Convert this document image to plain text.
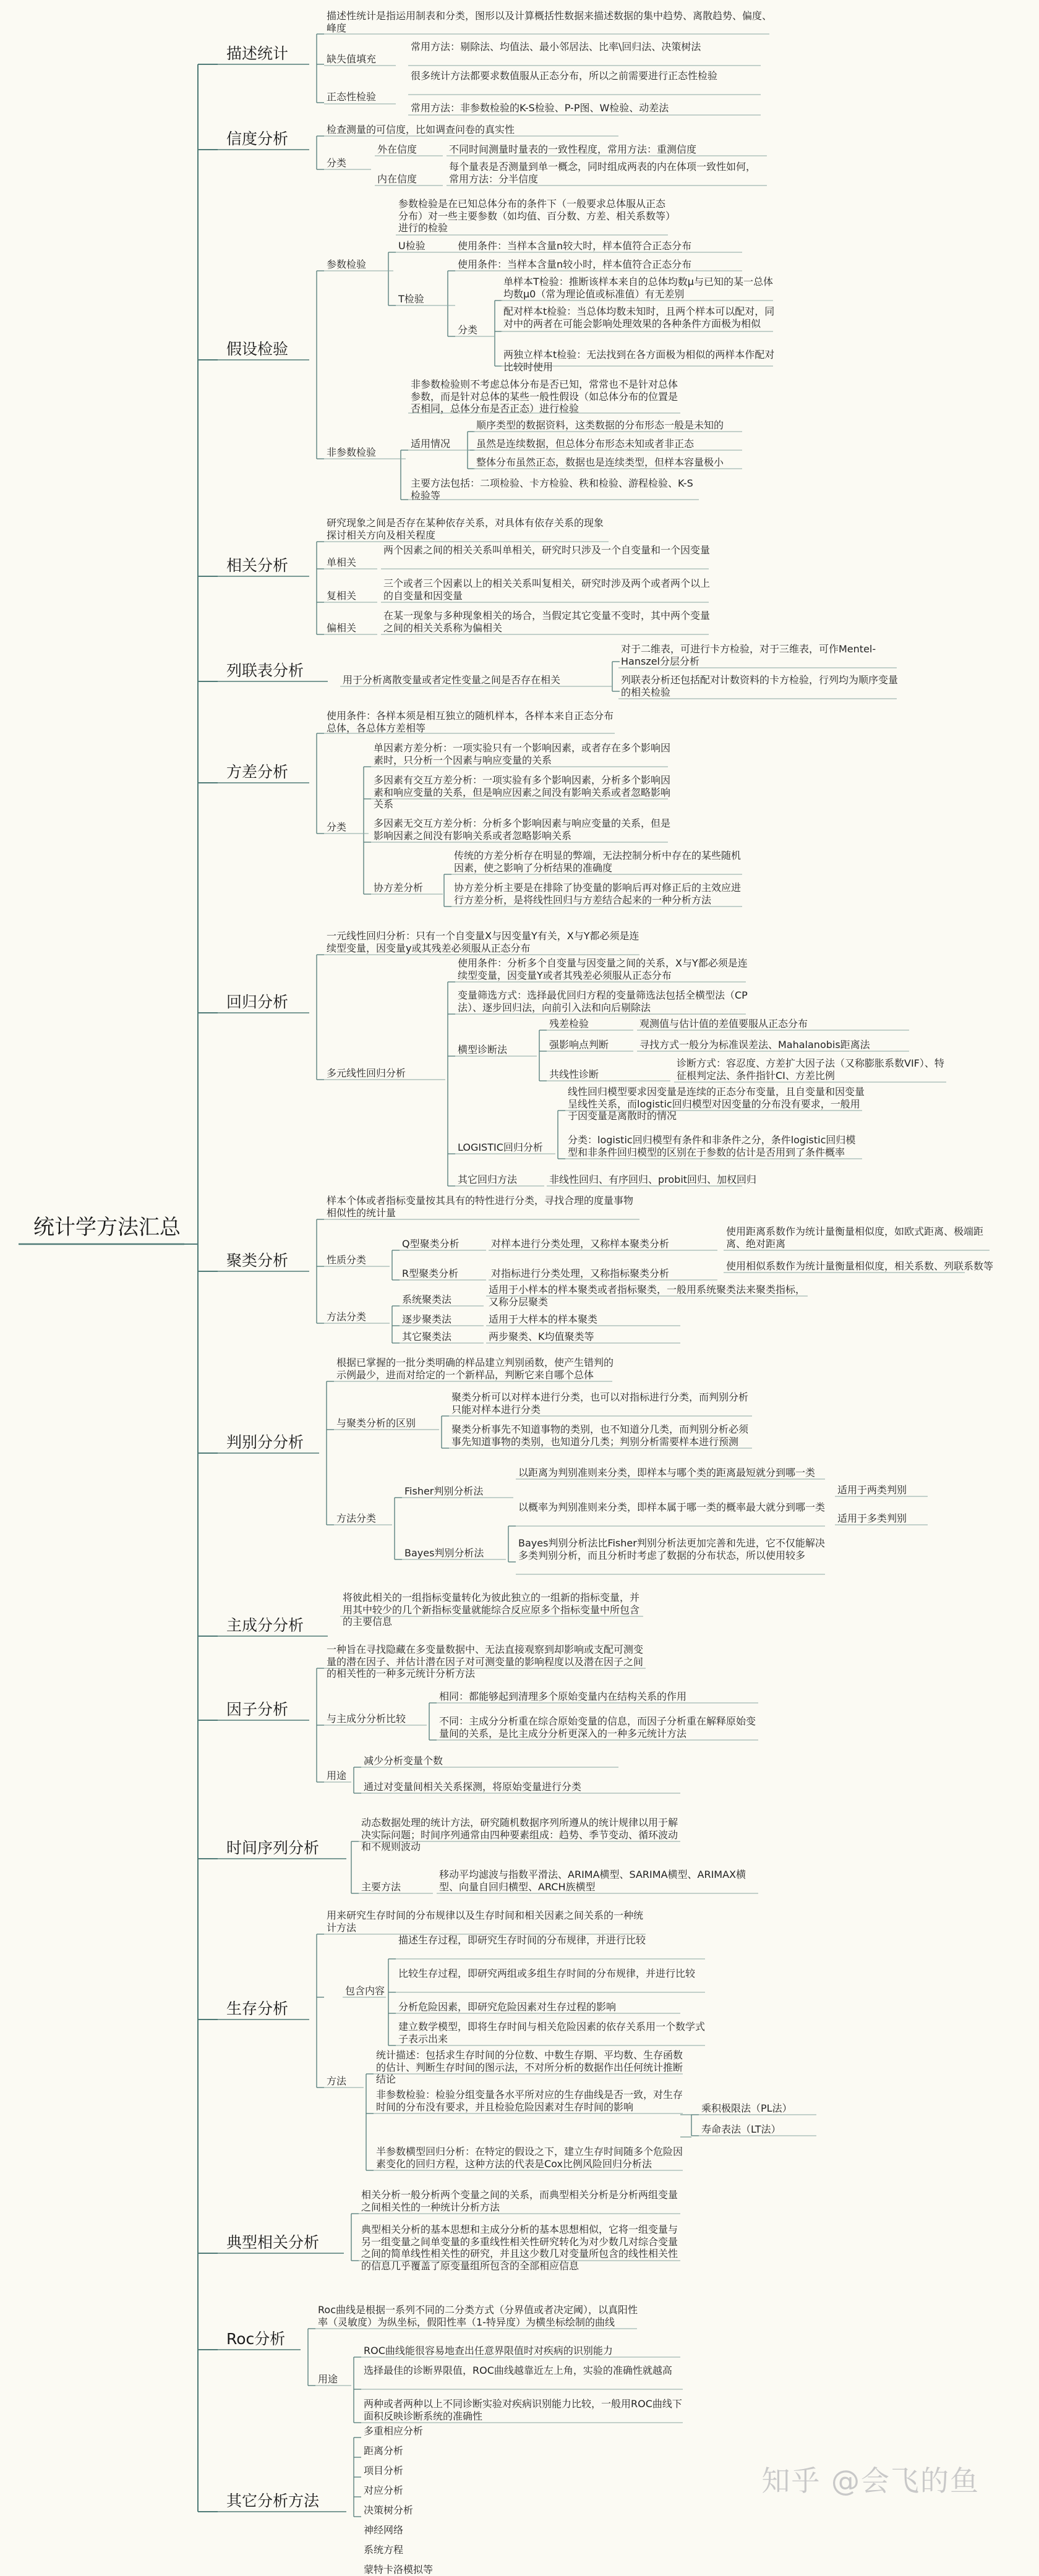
统计学方法汇总
描述统计
描述性统计是指运用制表和分类，图形以及计算概括性数据来描述数据的集中趋势、离散趋势、偏度、峰度
缺失值填充
常用方法：剔除法、均值法、最小邻居法、比率\回归法、决策树法
正态性检验
很多统计方法都要求数值服从正态分布，所以之前需要进行正态性检验
常用方法：非参数检验的K-S检验、P-P图、W检验、动差法
信度分析
检查测量的可信度，比如调查问卷的真实性
分类
外在信度	不同时间测量时量表的一致性程度，常用方法：重测信度
内在信度
每个量表是否测量到单一概念，同时组成两表的内在体项一致性如何，常用方法：分半信度
假设检验
参数检验
参数检验是在已知总体分布的条件下（一般要求总体服从正态分布）对一些主要参数（如均值、百分数、方差、相关系数等）进行的检验
U检验	使用条件：当样本含量n较大时，样本值符合正态分布
T检验
使用条件：当样本含量n较小时，样本值符合正态分布
分类
单样本T检验：推断该样本来自的总体均数μ与已知的某一总体均数μ0（常为理论值或标准值）有无差别
配对样本t检验：当总体均数未知时，且两个样本可以配对，同对中的两者在可能会影响处理效果的各种条件方面极为相似
两独立样本t检验：无法找到在各方面极为相似的两样本作配对比较时使用
非参数检验
非参数检验则不考虑总体分布是否已知，常常也不是针对总体参数，而是针对总体的某些一般性假设（如总体分布的位置是否相同，总体分布是否正态）进行检验
适用情况
顺序类型的数据资料，这类数据的分布形态一般是未知的
虽然是连续数据，但总体分布形态未知或者非正态
整体分布虽然正态，数据也是连续类型，但样本容量极小
主要方法包括：二项检验、卡方检验、秩和检验、游程检验、K-S检验等
相关分析
研究现象之间是否存在某种依存关系，对具体有依存关系的现象探讨相关方向及相关程度
单相关
两个因素之间的相关关系叫单相关，研究时只涉及一个自变量和一个因变量
复相关
三个或者三个因素以上的相关关系叫复相关，研究时涉及两个或者两个以上的自变量和因变量
偏相关
在某一现象与多种现象相关的场合，当假定其它变量不变时，其中两个变量之间的相关关系称为偏相关
列联表分析
用于分析离散变量或者定性变量之间是否存在相关
对于二维表，可进行卡方检验，对于三维表，可作Mentel-Hanszel分层分析
列联表分析还包括配对计数资料的卡方检验，行列均为顺序变量的相关检验
方差分析
使用条件：各样本须是相互独立的随机样本，各样本来自正态分布总体，各总体方差相等
分类
单因素方差分析：一项实验只有一个影响因素，或者存在多个影响因素时，只分析一个因素与响应变量的关系
多因素有交互方差分析：一项实验有多个影响因素，分析多个影响因素和响应变量的关系，但是响应因素之间没有影响关系或者忽略影响关系
多因素无交互方差分析：分析多个影响因素与响应变量的关系，但是影响因素之间没有影响关系或者忽略影响关系
协方差分析
传统的方差分析存在明显的弊端，无法控制分析中存在的某些随机因素，使之影响了分析结果的准确度
协方差分析主要是在排除了协变量的影响后再对修正后的主效应进行方差分析，是将线性回归与方差结合起来的一种分析方法
回归分析
一元线性回归分析：只有一个自变量X与因变量Y有关，X与Y都必须是连续型变量，因变量y或其残差必须服从正态分布
多元线性回归分析
使用条件：分析多个自变量与因变量之间的关系，X与Y都必须是连续型变量，因变量Y或者其残差必须服从正态分布
变量筛选方式：选择最优回归方程的变量筛选法包括全横型法（CP法）、逐步回归法，向前引入法和向后剔除法
横型诊断法
残差检验	观测值与估计值的差值要服从正态分布
强影响点判断	寻找方式一般分为标准误差法、Mahalanobis距离法
共线性诊断
诊断方式：容忍度、方差扩大因子法（又称膨胀系数VIF）、特征根判定法、条件指针CI、方差比例
LOGISTIC回归分析
线性回归模型要求因变量是连续的正态分布变量，且自变量和因变量呈线性关系，而logistic回归模型对因变量的分布没有要求，一般用于因变量是离散时的情况
分类：logistic回归模型有条件和非条件之分，条件logistic回归模型和非条件回归模型的区别在于参数的估计是否用到了条件概率
其它回归方法	非线性回归、有序回归、probit回归、加权回归
聚类分析
样本个体或者指标变量按其具有的特性进行分类，寻找合理的度量事物相似性的统计量
性质分类
Q型聚类分析	对样本进行分类处理，又称样本聚类分析
使用距离系数作为统计量衡量相似度，如欧式距离、极端距离、绝对距离
R型聚类分析	对指标进行分类处理，又称指标聚类分析
使用相似系数作为统计量衡量相似度，相关系数、列联系数等
方法分类
系统聚类法
适用于小样本的样本聚类或者指标聚类，一般用系统聚类法来聚类指标，又称分层聚类
逐步聚类法	适用于大样本的样本聚类
其它聚类法	两步聚类、K均值聚类等
判别分分析
根据已掌握的一批分类明确的样品建立判别函数，使产生错判的示例最少，进而对给定的一个新样品，判断它来自哪个总体
与聚类分析的区别
聚类分析可以对样本进行分类，也可以对指标进行分类，而判别分析只能对样本进行分类
聚类分析事先不知道事物的类别，也不知道分几类，而判别分析必须事先知道事物的类别，也知道分几类；判别分析需要样本进行预测
方法分类
Fisher判别分析法
以距离为判别准则来分类，即样本与哪个类的距离最短就分到哪一类
适用于两类判别
Bayes判别分析法
以概率为判别准则来分类，即样本属于哪一类的概率最大就分到哪一类
适用于多类判别
Bayes判别分析法比Fisher判别分析法更加完善和先进，它不仅能解决多类判别分析，而且分析时考虑了数据的分布状态，所以使用较多
主成分分析
将彼此相关的一组指标变量转化为彼此独立的一组新的指标变量，并用其中较少的几个新指标变量就能综合反应原多个指标变量中所包含的主要信息
因子分析
一种旨在寻找隐藏在多变量数据中、无法直接观察到却影响或支配可测变量的潜在因子、并估计潜在因子对可测变量的影响程度以及潜在因子之间的相关性的一种多元统计分析方法
与主成分分析比较
相同：都能够起到清理多个原始变量内在结构关系的作用
不同：主成分分析重在综合原始变量的信息，而因子分析重在解释原始变量间的关系，是比主成分分析更深入的一种多元统计方法
用途
减少分析变量个数
通过对变量间相关关系探测，将原始变量进行分类
时间序列分析
动态数据处理的统计方法，研究随机数据序列所遵从的统计规律以用于解决实际问题；时间序列通常由四种要素组成：趋势、季节变动、循环波动和不规则波动
主要方法
移动平均滤波与指数平滑法、ARIMA横型、SARIMA横型、ARIMAX横型、向量自回归横型、ARCH族横型
生存分析
用来研究生存时间的分布规律以及生存时间和相关因素之间关系的一种统计方法
包含内容
描述生存过程，即研究生存时间的分布规律，并进行比较
比较生存过程，即研究两组或多组生存时间的分布规律，并进行比较
分析危险因素，即研究危险因素对生存过程的影响
建立数学模型，即将生存时间与相关危险因素的依存关系用一个数学式子表示出来
方法
统计描述：包括求生存时间的分位数、中数生存期、平均数、生存函数的估计、判断生存时间的图示法，不对所分析的数据作出任何统计推断结论
非参数检验：检验分组变量各水平所对应的生存曲线是否一致，对生存时间的分布没有要求，并且检验危险因素对生存时间的影响	乘积极限法（PL法）
寿命表法（LT法）
半参数横型回归分析：在特定的假设之下，建立生存时间随多个危险因素变化的回归方程，这种方法的代表是Cox比例风险回归分析法
典型相关分析
相关分析一般分析两个变量之间的关系，而典型相关分析是分析两组变量之间相关性的一种统计分析方法
典型相关分析的基本思想和主成分分析的基本思想相似，它将一组变量与另一组变量之间单变量的多重线性相关性研究转化为对少数几对综合变量之间的简单线性相关性的研究，并且这少数几对变量所包含的线性相关性的信息几乎覆盖了原变量组所包含的全部相应信息
Roc分析
Roc曲线是根据一系列不同的二分类方式（分界值或者决定阈），以真阳性率（灵敏度）为纵坐标，假阳性率（1-特异度）为横坐标绘制的曲线
用途
ROC曲线能很容易地查出任意界限值时对疾病的识别能力
选择最佳的诊断界限值，ROC曲线越靠近左上角，实验的准确性就越高
两种或者两种以上不同诊断实验对疾病识别能力比较，一般用ROC曲线下面积反映诊断系统的准确性
其它分析方法
多重相应分析
距离分析
项目分析
对应分析
决策树分析
神经网络
系统方程
蒙特卡洛模拟等
知乎 @会飞的鱼
